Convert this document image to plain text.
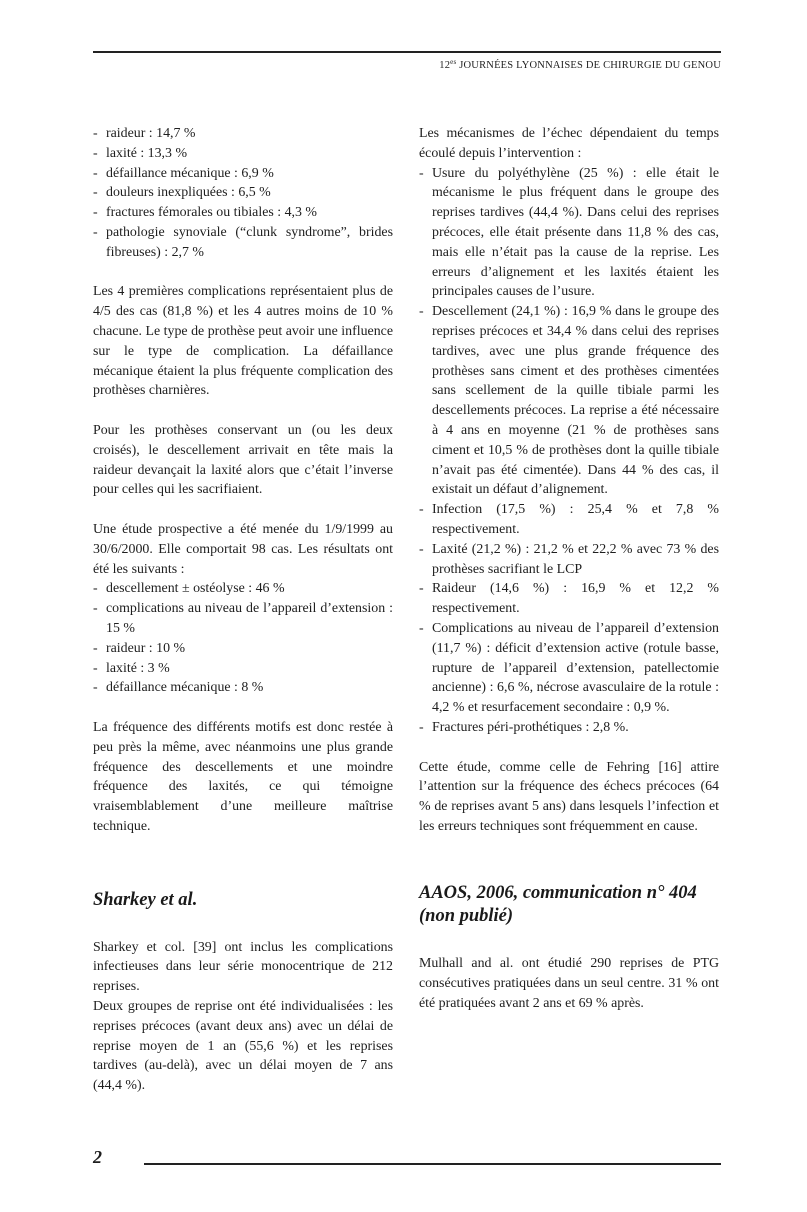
$12^{es}$ JOURNÉES LYONNAISES DE CHIRURGIE DU GENOU
- raideur : 14,7 %
- laxité : 13,3 %
- défaillance mécanique : 6,9 %
- douleurs inexpliquées : 6,5 %
- fractures fémorales ou tibiales : 4,3 %
- pathologie synoviale (“clunk syndrome”, brides fibreuses) : 2,7 %

Les 4 premières complications représentaient plus de 4/5 des cas (81,8 %) et les 4 autres moins de 10 % chacune. Le type de prothèse peut avoir une influence sur le type de complication. La défaillance mécanique étaient la plus fréquente complication des prothèses charnières.

Pour les prothèses conservant un (ou les deux croisés), le descellement arrivait en tête mais la raideur devançait la laxité alors que c’était l’inverse pour celles qui les sacrifiaient.

Une étude prospective a été menée du 1/9/1999 au 30/6/2000. Elle comportait 98 cas. Les résultats ont été les suivants :

- descellement ± ostéolyse : 46 %
- complications au niveau de l’appareil d’extension : 15 %
- raideur : 10 %
- laxité : 3 %
- défaillance mécanique : 8 %

La fréquence des différents motifs est donc restée à peu près la même, avec néanmoins une plus grande fréquence des descellements et une moindre fréquence des laxités, ce qui témoigne vraisemblablement d’une meilleure maîtrise technique.

Sharkey et al.

Sharkey et col. [39] ont inclus les complications infectieuses dans leur série monocentrique de 212 reprises.

Deux groupes de reprise ont été individualisées : les reprises précoces (avant deux ans) avec un délai de reprise moyen de 1 an (55,6 %) et les reprises tardives (au-delà), avec un délai moyen de 7 ans (44,4 %).

Les mécanismes de l’échec dépendaient du temps écoulé depuis l’intervention :

- Usure du polyéthylène (25 %) : elle était le mécanisme le plus fréquent dans le groupe des reprises tardives (44,4 %). Dans celui des reprises précoces, elle était présente dans 11,8 % des cas, mais elle n’était pas la cause de la reprise. Les erreurs d’alignement et les laxités étaient les principales causes de l’usure.
- Descellement (24,1 %) : 16,9 % dans le groupe des reprises précoces et 34,4 % dans celui des reprises tardives, avec une plus grande fréquence des prothèses sans ciment et des prothèses cimentées sans scellement de la quille tibiale parmi les descellements précoces. La reprise a été nécessaire à 4 ans en moyenne (21 % de prothèses sans ciment et 10,5 % de prothèses dont la quille tibiale n’avait pas été cimentée). Dans 44 % des cas, il existait un défaut d’alignement.
- Infection (17,5 %) : 25,4 % et 7,8 % respectivement.
- Laxité (21,2 %) : 21,2 % et 22,2 % avec 73 % des prothèses sacrifiant le LCP
- Raideur (14,6 %) : 16,9 % et 12,2 % respectivement.
- Complications au niveau de l’appareil d’extension (11,7 %) : déficit d’extension active (rotule basse, rupture de l’appareil d’extension, patellectomie ancienne) : 6,6 %, nécrose avasculaire de la rotule : 4,2 % et resurfacement secondaire : 0,9 %.
- Fractures péri-prothétiques : 2,8 %.

Cette étude, comme celle de Fehring [16] attire l’attention sur la fréquence des échecs précoces (64 % de reprises avant 5 ans) dans lesquels l’infection et les erreurs techniques sont fréquemment en cause.

AAOS, 2006, communication n° 404 (non publié)

Mulhall and al. ont étudié 290 reprises de PTG consécutives pratiquées dans un seul centre. 31 % ont été pratiquées avant 2 ans et 69 % après.

2
